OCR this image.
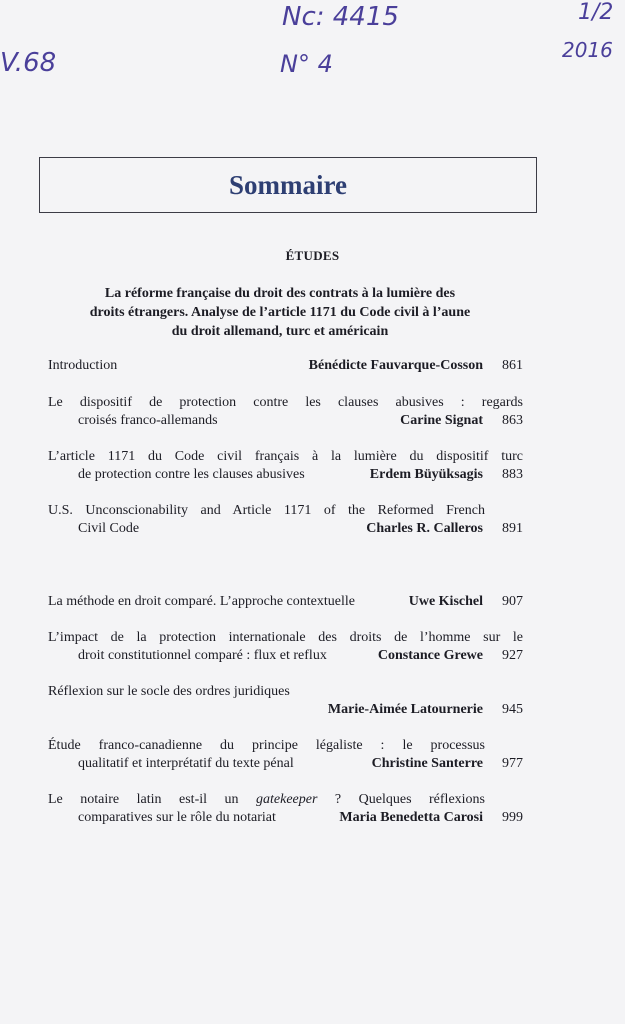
V.68
Nc: 4415
N° 4
1/2
2016
Sommaire
ÉTUDES
La réforme française du droit des contrats à la lumière des
droits étrangers. Analyse de l’article 1171 du Code civil à l’aune
du droit allemand, turc et américain
Introduction	Bénédicte Fauvarque-Cosson	861
Le dispositif de protection contre les clauses abusives : regards
croisés franco-allemands	Carine Signat	863
L’article 1171 du Code civil français à la lumière du dispositif turc
de protection contre les clauses abusives	Erdem Büyüksagis	883
U.S. Unconscionability and Article 1171 of the Reformed French
Civil Code	Charles R. Calleros	891
La méthode en droit comparé. L’approche contextuelle	Uwe Kischel	907
L’impact de la protection internationale des droits de l’homme sur le
droit constitutionnel comparé : flux et reflux	Constance Grewe	927
Réflexion sur le socle des ordres juridiques
Marie-Aimée Latournerie	945
Étude franco-canadienne du principe légaliste : le processus
qualitatif et interprétatif du texte pénal	Christine Santerre	977
Le notaire latin est-il un gatekeeper ? Quelques réflexions
comparatives sur le rôle du notariat	Maria Benedetta Carosi	999
